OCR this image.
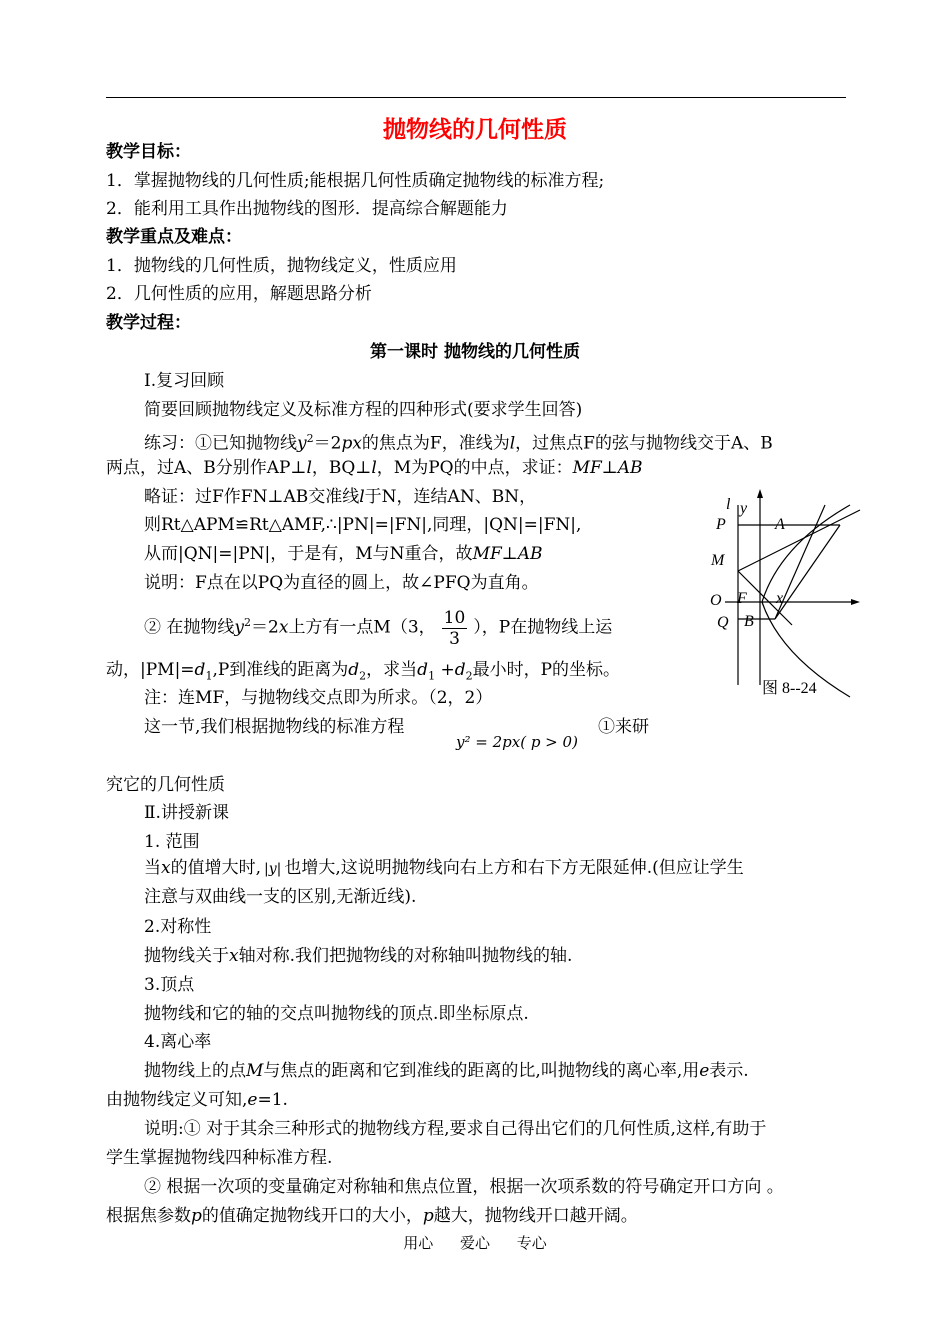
抛物线的几何性质
教学目标：
1．掌握抛物线的几何性质;能根据几何性质确定抛物线的标准方程;
2．能利用工具作出抛物线的图形．提高综合解题能力
教学重点及难点：
1．抛物线的几何性质，抛物线定义，性质应用
2．几何性质的应用，解题思路分析
教学过程：
第一课时 抛物线的几何性质
Ⅰ.复习回顾
简要回顾抛物线定义及标准方程的四种形式(要求学生回答)
练习：①已知抛物线$y^2=2px$的焦点为F，准线为l，过焦点F的弦与抛物线交于A、B
两点，过A、B分别作AP⊥l，BQ⊥l，M为PQ的中点，求证：MF⊥AB
略证：过F作FN⊥AB交准线l于N，连结AN、BN，
则Rt△APM≌Rt△AMF,∴|PN|=|FN|,同理，|QN|=|FN|,
从而|QN|=|PN|，于是有，M与N重合，故MF⊥AB
说明：F点在以PQ为直径的圆上，故∠PFQ为直角。
② 在抛物线$y^2=2x$上方有一点M（3， $\frac{10}{3}$ ），P在抛物线上运
动，$|PM|=d_1,P$到准线的距离为$d_2$，求当$d_1 +d_2$最小时，P的坐标。
注：连MF，与抛物线交点即为所求。（2，2）
这一节,我们根据抛物线的标准方程
y² = 2px( p > 0)
①来研
究它的几何性质
Ⅱ.讲授新课
1. 范围
当x的值增大时, |y| 也增大,这说明抛物线向右上方和右下方无限延伸.(但应让学生
注意与双曲线一支的区别,无渐近线).
2.对称性
抛物线关于x轴对称.我们把抛物线的对称轴叫抛物线的轴.
3.顶点
抛物线和它的轴的交点叫抛物线的顶点.即坐标原点.
4.离心率
抛物线上的点M与焦点的距离和它到准线的距离的比,叫抛物线的离心率,用e表示.
由抛物线定义可知,e=1.
说明:① 对于其余三种形式的抛物线方程,要求自己得出它们的几何性质,这样,有助于
学生掌握抛物线四种标准方程.
② 根据一次项的变量确定对称轴和焦点位置，根据一次项系数的符号确定开口方向 。
根据焦参数p的值确定抛物线开口的大小，p越大，抛物线开口越开阔。
l y
P	A
M
O F x
Q B
图 8--24
用心 爱心 专心
